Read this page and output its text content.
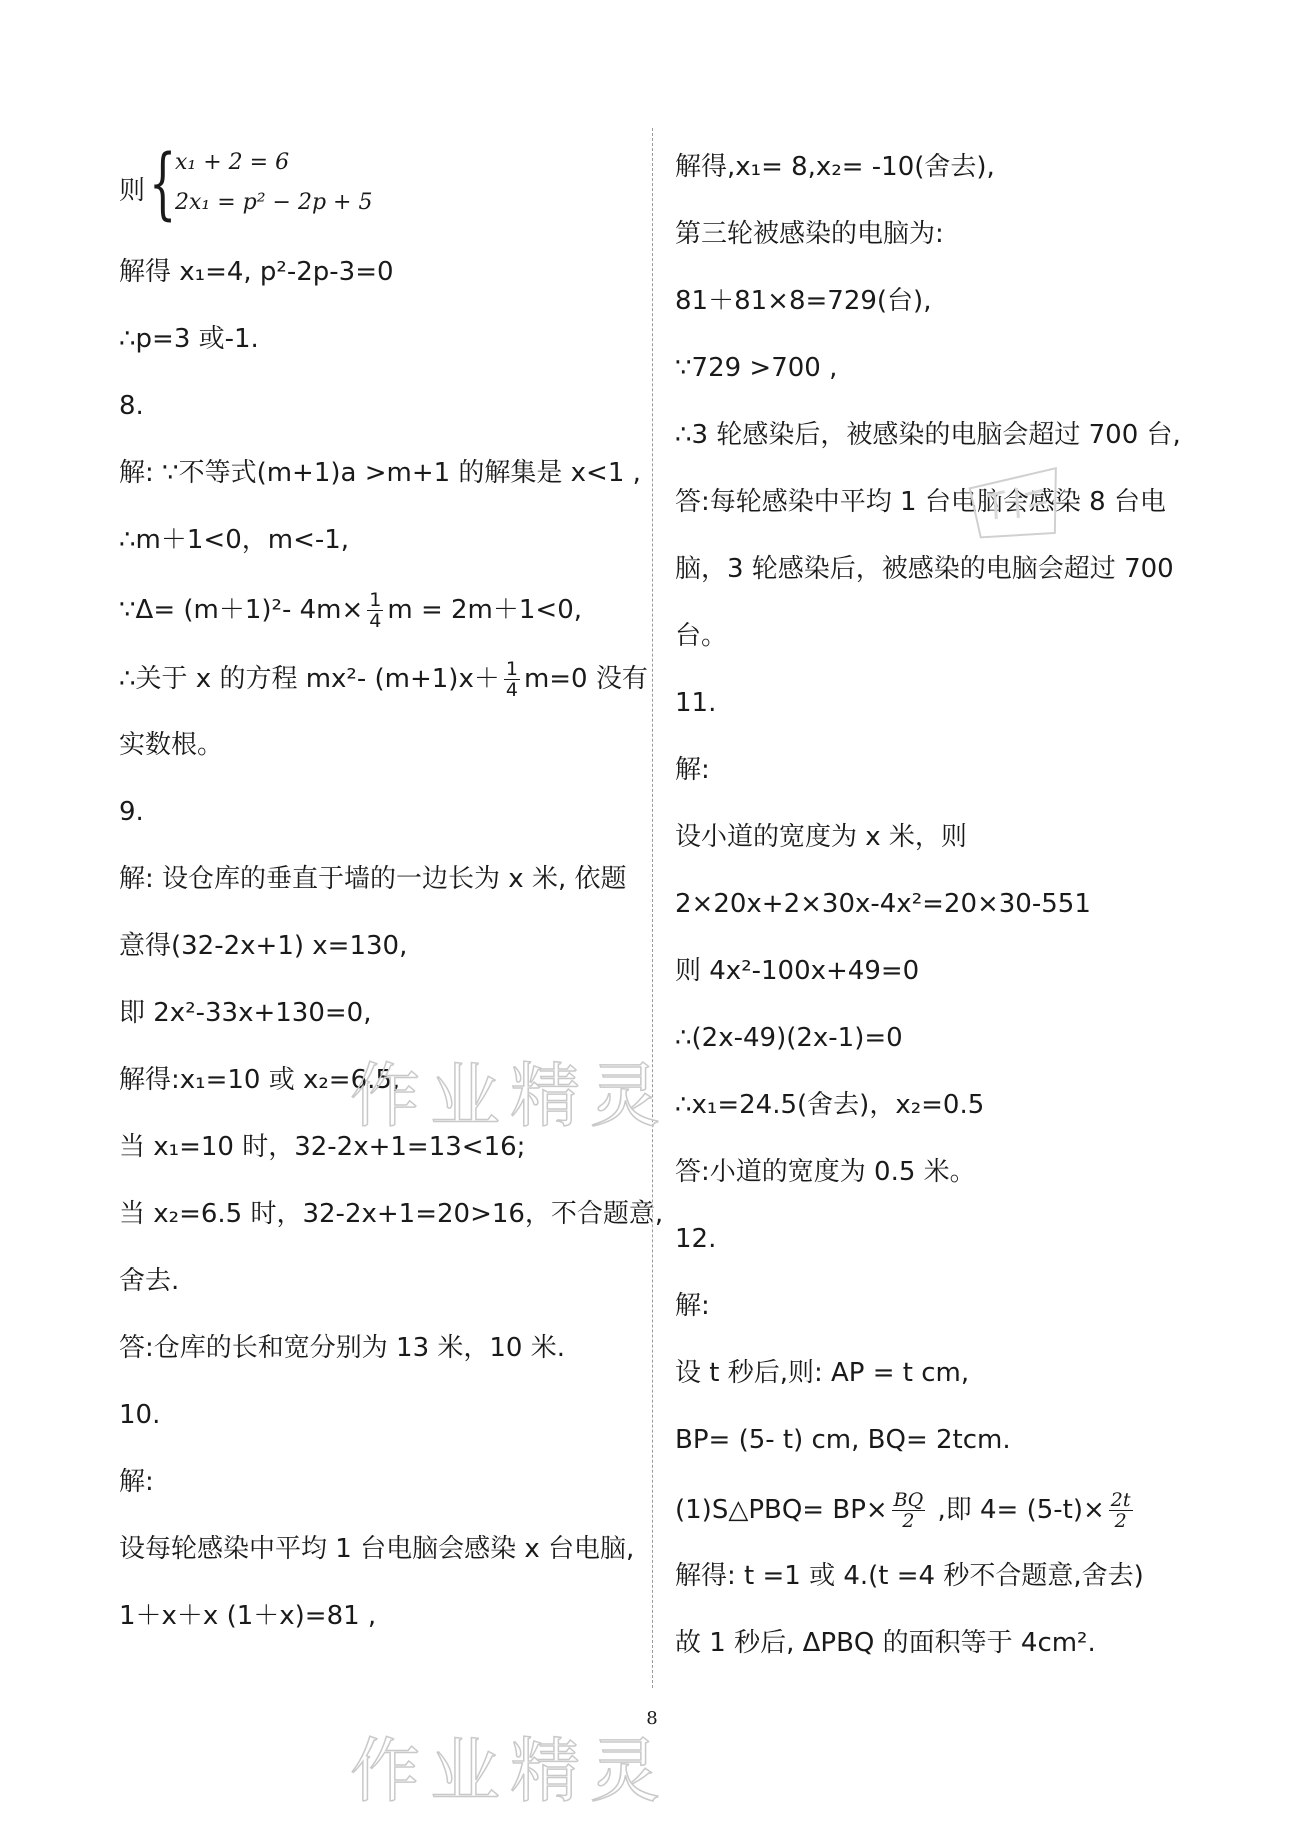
则 {
x₁ + 2 = 6
2x₁ = p² − 2p + 5
解得 x₁=4, p²-2p-3=0
∴p=3 或-1.
8.
解: ∵不等式(m+1)a >m+1 的解集是 x<1 ,
∴m＋1<0，m<-1,
∵Δ= (m＋1)²- $4m\times \frac{1}{4}$ m = 2m＋1<0,
∴关于 x 的方程 mx²- $(m+1)x+ \frac{1}{4} m=0$ 没有
实数根。
9.
解: 设仓库的垂直于墙的一边长为 x 米, 依题
意得(32-2x+1) x=130,
即 2x²-33x+130=0,
解得:x₁=10 或 x₂=6.5,
当 x₁=10 时，32-2x+1=13<16;
当 x₂=6.5 时，32-2x+1=20>16，不合题意,
舍去.
答:仓库的长和宽分别为 13 米，10 米.
10.
解:
设每轮感染中平均 1 台电脑会感染 x 台电脑,
1＋x＋x (1＋x)=81 ,
解得,x₁= 8,x₂= -10(舍去),
第三轮被感染的电脑为:
81＋81×8=729(台),
∵729 >700 ,
∴3 轮感染后，被感染的电脑会超过 700 台,
答:每轮感染中平均 1 台电脑会感染 8 台电
脑，3 轮感染后，被感染的电脑会超过 700
台。
11.
解:
设小道的宽度为 x 米，则
2×20x+2×30x-4x²=20×30-551
则 4x²-100x+49=0
∴(2x-49)(2x-1)=0
∴x₁=24.5(舍去)，x₂=0.5
答:小道的宽度为 0.5 米。
12.
解:
设 t 秒后,则: AP = t cm,
BP= (5- t) cm, BQ= 2tcm.
(1)S△PBQ= $BP\times \frac{BQ}{2}$ ,即 $4= (5-t)\times \frac{2t}{2}$
解得: t =1 或 4.(t =4 秒不合题意,舍去)
故 1 秒后, ΔPBQ 的面积等于 4cm².
8
作业精灵
作业精灵
